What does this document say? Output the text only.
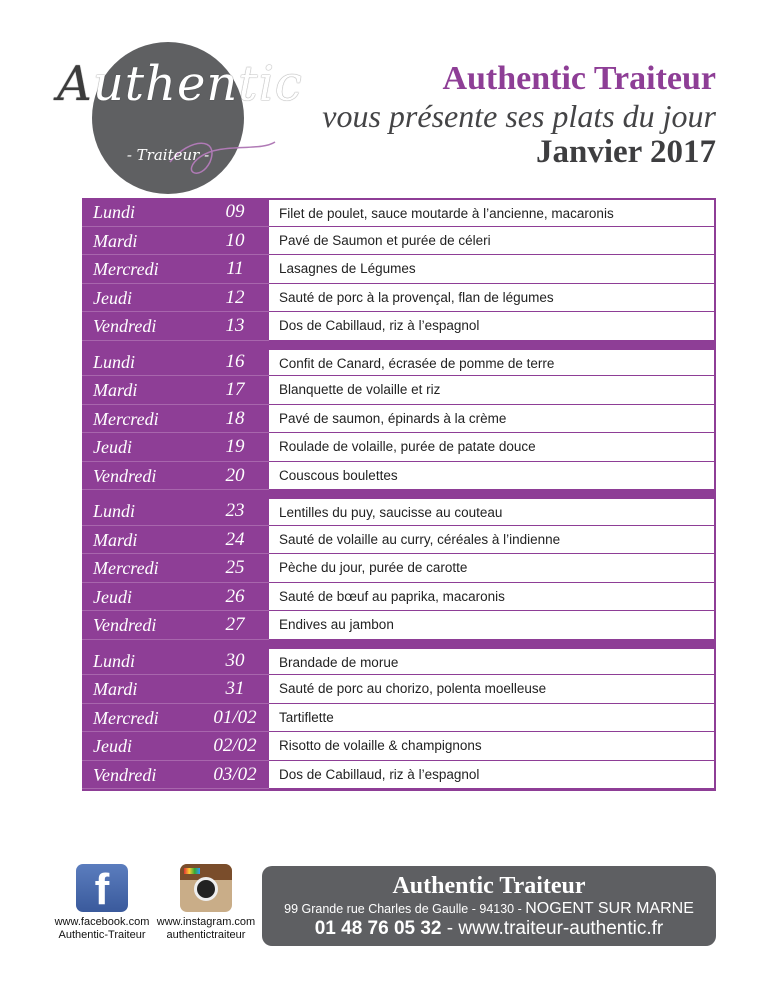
Authentic
- Traiteur -
Authentic Traiteur
vous présente ses plats du jour
Janvier 2017
Lundi	09	Filet de poulet, sauce moutarde à l’ancienne, macaronis
Mardi	10	Pavé de Saumon et purée de céleri
Mercredi	11	Lasagnes de Légumes
Jeudi	12	Sauté de porc à la provençal, flan de légumes
Vendredi	13	Dos de Cabillaud, riz à l’espagnol
Lundi	16	Confit de Canard, écrasée de pomme de terre
Mardi	17	Blanquette de volaille et riz
Mercredi	18	Pavé de saumon, épinards à la crème
Jeudi	19	Roulade de volaille, purée de patate douce
Vendredi	20	Couscous boulettes
Lundi	23	Lentilles du puy, saucisse au couteau
Mardi	24	Sauté de volaille au curry, céréales à l’indienne
Mercredi	25	Pèche du jour, purée de carotte
Jeudi	26	Sauté de bœuf au paprika, macaronis
Vendredi	27	Endives au jambon
Lundi	30	Brandade de morue
Mardi	31	Sauté de porc au chorizo, polenta moelleuse
Mercredi	01/02	Tartiflette
Jeudi	02/02	Risotto de volaille & champignons
Vendredi	03/02	Dos de Cabillaud, riz à l’espagnol
f
www.facebook.com
Authentic-Traiteur
www.instagram.com
authentictraiteur
Authentic Traiteur
99 Grande rue Charles de Gaulle - 94130 - NOGENT SUR MARNE
01 48 76 05 32 - www.traiteur-authentic.fr
